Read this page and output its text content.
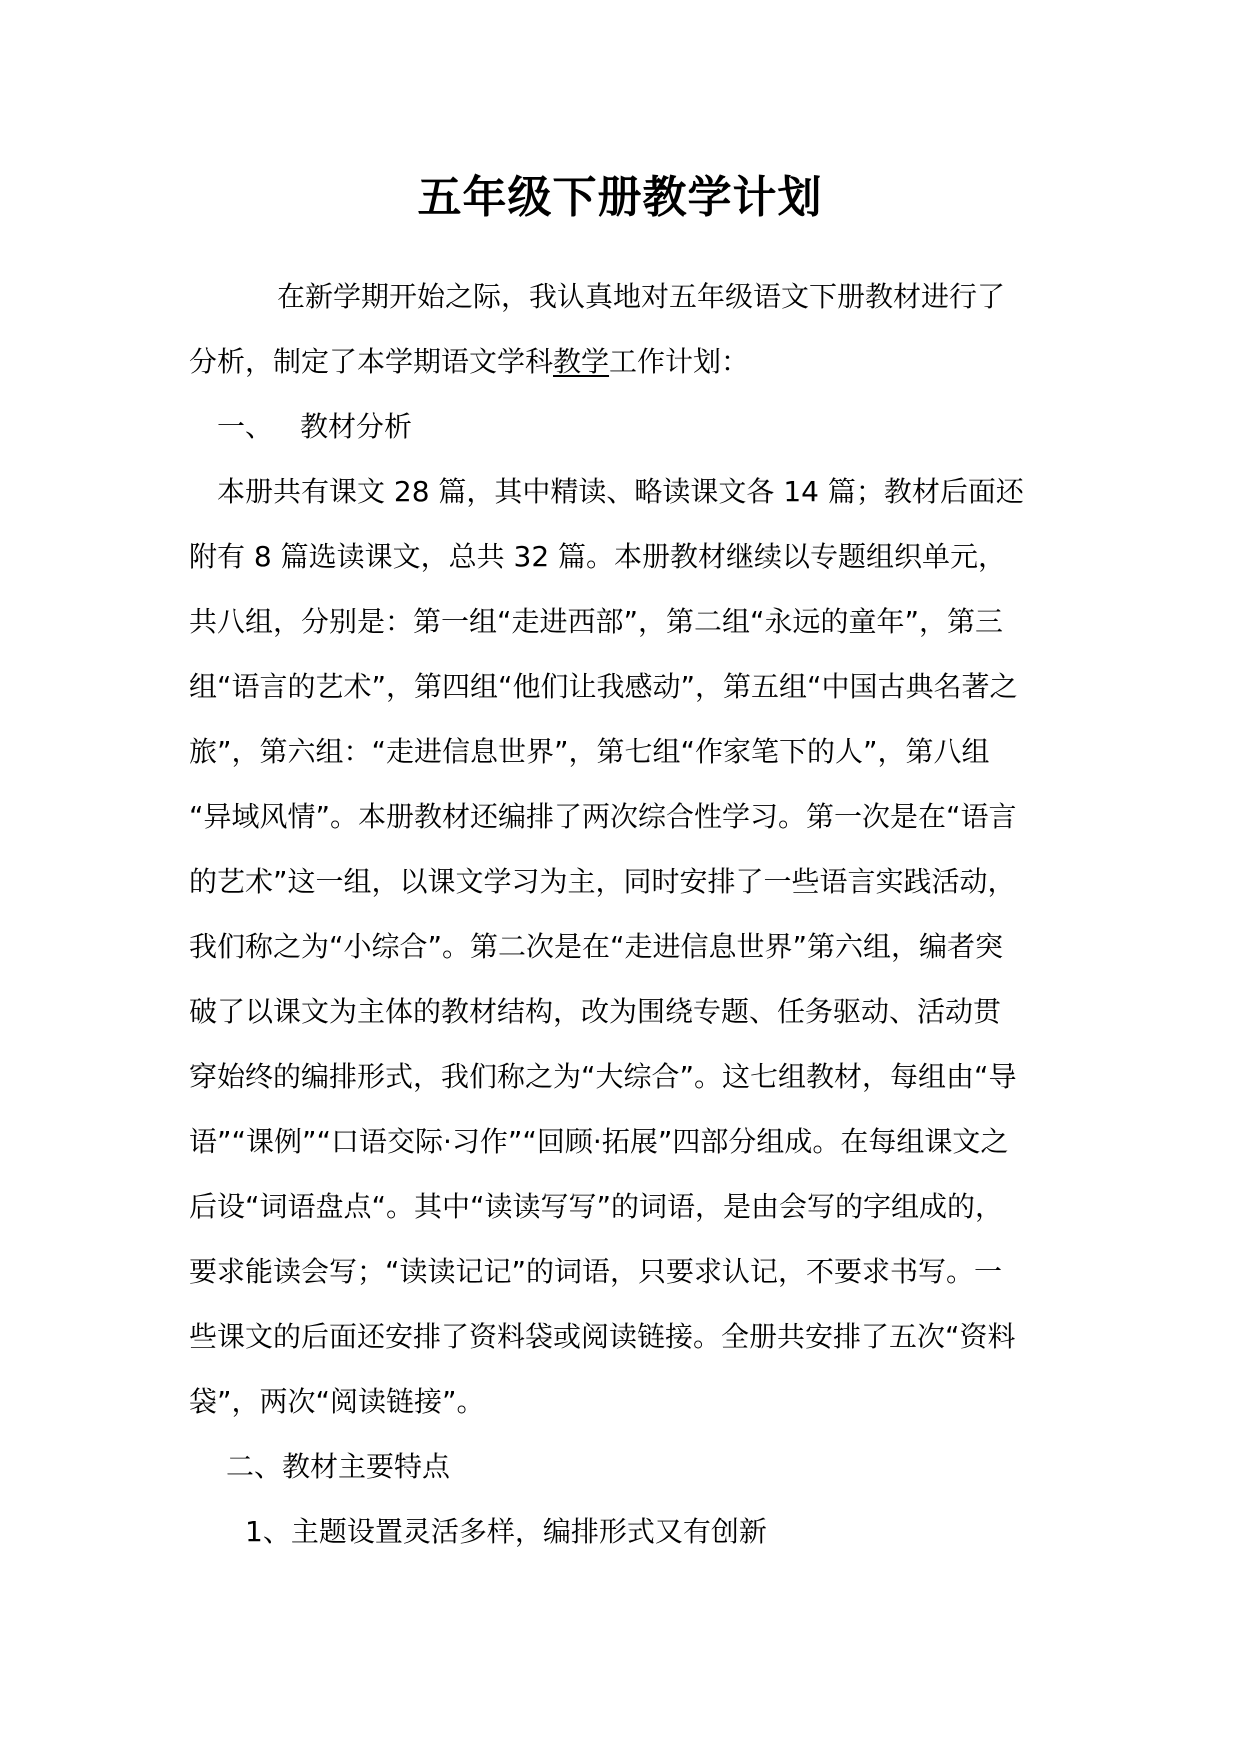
五年级下册教学计划
在新学期开始之际，我认真地对五年级语文下册教材进行了
分析，制定了本学期语文学科教学工作计划：
一、 教材分析
本册共有课文 28 篇，其中精读、略读课文各 14 篇；教材后面还
附有 8 篇选读课文，总共 32 篇。本册教材继续以专题组织单元，
共八组，分别是：第一组“走进西部”，第二组“永远的童年”，第三
组“语言的艺术”，第四组“他们让我感动”，第五组“中国古典名著之
旅”，第六组：“走进信息世界”，第七组“作家笔下的人”，第八组
“异域风情”。本册教材还编排了两次综合性学习。第一次是在“语言
的艺术”这一组，以课文学习为主，同时安排了一些语言实践活动，
我们称之为“小综合”。第二次是在“走进信息世界”第六组，编者突
破了以课文为主体的教材结构，改为围绕专题、任务驱动、活动贯
穿始终的编排形式，我们称之为“大综合”。这七组教材，每组由“导
语”“课例”“口语交际·习作”“回顾·拓展”四部分组成。在每组课文之
后设“词语盘点“。其中“读读写写”的词语，是由会写的字组成的，
要求能读会写；“读读记记”的词语，只要求认记，不要求书写。一
些课文的后面还安排了资料袋或阅读链接。全册共安排了五次“资料
袋”，两次“阅读链接”。
二、教材主要特点
1、主题设置灵活多样，编排形式又有创新
